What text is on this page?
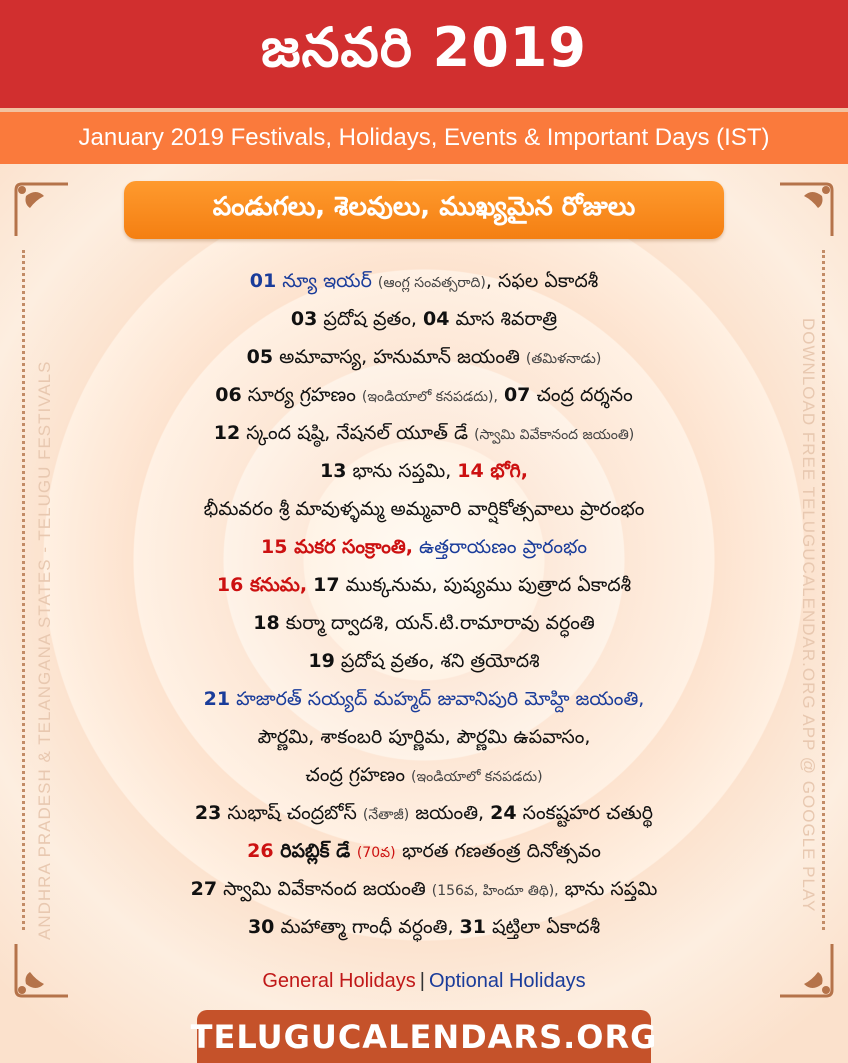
జనవరి 2019
January 2019 Festivals, Holidays, Events & Important Days (IST)
ANDHRA PRADESH & TELANGANA STATES - TELUGU FESTIVALS	DOWNLOAD FREE TELUGUCALENDAR.ORG APP @ GOOGLE PLAY
పండుగలు, శెలవులు, ముఖ్యమైన రోజులు
01 న్యూ ఇయర్ (ఆంగ్ల సంవత్సరాది), సఫల ఏకాదశీ
03 ప్రదోష వ్రతం, 04 మాస శివరాత్రి
05 అమావాస్య, హనుమాన్ జయంతి (తమిళనాడు)
06 సూర్య గ్రహణం (ఇండియాలో కనపడదు), 07 చంద్ర దర్శనం
12 స్కంద షష్ఠి, నేషనల్ యూత్ డే (స్వామి వివేకానంద జయంతి)
13 భాను సప్తమి, 14 భోగి,
భీమవరం శ్రీ మావుళ్ళమ్మ అమ్మవారి వార్షికోత్సవాలు ప్రారంభం
15 మకర సంక్రాంతి, ఉత్తరాయణం ప్రారంభం
16 కనుమ, 17 ముక్కనుమ, పుష్యము పుత్రాద ఏకాదశీ
18 కుర్మా ద్వాదశి, యన్.టి.రామారావు వర్ధంతి
19 ప్రదోష వ్రతం, శని త్రయోదశి
21 హజారత్ సయ్యద్ మహ్మద్ జువానిపురి మోహ్ది జయంతి,
పౌర్ణమి, శాకంబరి పూర్ణిమ, పౌర్ణమి ఉపవాసం,
చంద్ర గ్రహణం (ఇండియాలో కనపడదు)
23 సుభాష్ చంద్రబోస్ (నేతాజీ) జయంతి, 24 సంకష్టహర చతుర్థి
26 రిపబ్లిక్ డే (70వ) భారత గణతంత్ర దినోత్సవం
27 స్వామి వివేకానంద జయంతి (156వ, హిందూ తిథి), భాను సప్తమి
30 మహాత్మా గాంధీ వర్ధంతి, 31 షట్తిలా ఏకాదశీ
General Holidays | Optional Holidays
TELUGUCALENDARS.ORG
